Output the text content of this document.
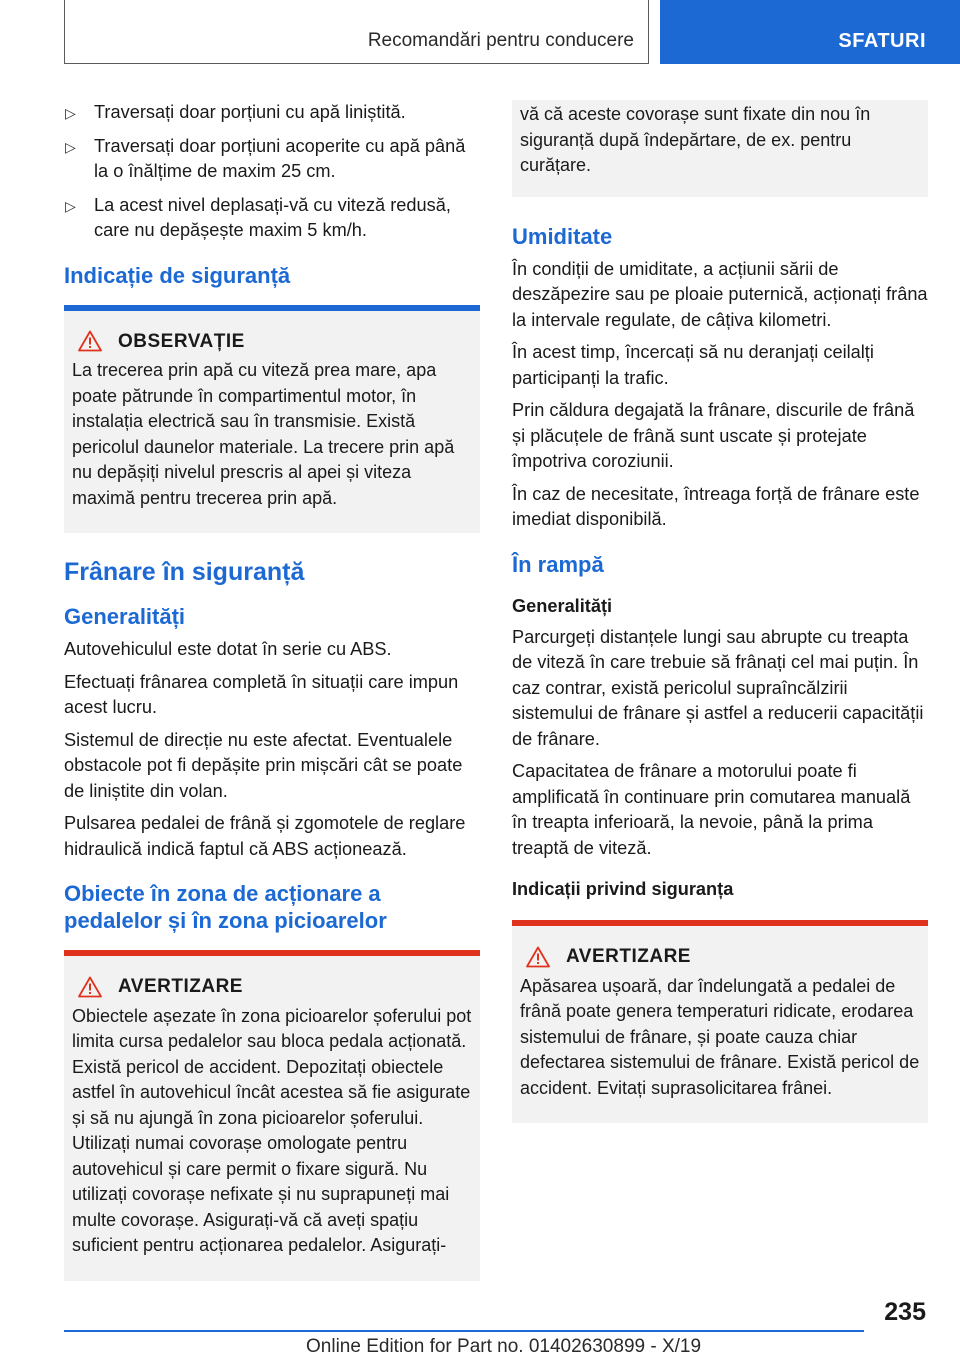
Recomandări pentru conducere	SFATURI
▷ Traversați doar porțiuni cu apă liniștită.
▷ Traversați doar porțiuni acoperite cu apă până la o înălțime de maxim 25 cm.
▷ La acest nivel deplasați-vă cu viteză redusă, care nu depășește maxim 5 km/h.
Indicație de siguranță
OBSERVAȚIE
La trecerea prin apă cu viteză prea mare, apa poate pătrunde în compartimentul motor, în instalația electrică sau în transmisie. Există pericolul daunelor materiale. La trecere prin apă nu depășiți nivelul prescris al apei și viteza maximă pentru trecerea prin apă.
Frânare în siguranță
Generalități

Autovehiculul este dotat în serie cu ABS.

Efectuați frânarea completă în situații care impun acest lucru.

Sistemul de direcție nu este afectat. Eventualele obstacole pot fi depășite prin mișcări cât se poate de liniștite din volan.

Pulsarea pedalei de frână și zgomotele de reglare hidraulică indică faptul că ABS acționează.

Obiecte în zona de acționare a pedalelor și în zona picioarelor
AVERTIZARE
Obiectele așezate în zona picioarelor șoferului pot limita cursa pedalelor sau bloca pedala acționată. Există pericol de accident. Depozitați obiectele astfel în autovehicul încât acestea să fie asigurate și să nu ajungă în zona picioarelor șoferului. Utilizați numai covorașe omologate pentru autovehicul și care permit o fixare sigură. Nu utilizați covorașe nefixate și nu suprapuneți mai multe covorașe. Asigurați-vă că aveți spațiu suficient pentru acționarea pedalelor. Asigurați-
vă că aceste covorașe sunt fixate din nou în siguranță după îndepărtare, de ex. pentru curățare.
Umiditate

În condiții de umiditate, a acțiunii sării de deszăpezire sau pe ploaie puternică, acționați frâna la intervale regulate, de câțiva kilometri.

În acest timp, încercați să nu deranjați ceilalți participanți la trafic.

Prin căldura degajată la frânare, discurile de frână și plăcuțele de frână sunt uscate și protejate împotriva coroziunii.

În caz de necesitate, întreaga forță de frânare este imediat disponibilă.

În rampă
Generalități

Parcurgeți distanțele lungi sau abrupte cu treapta de viteză în care trebuie să frânați cel mai puțin. În caz contrar, există pericolul supraîncălzirii sistemului de frânare și astfel a reducerii capacității de frânare.

Capacitatea de frânare a motorului poate fi amplificată în continuare prin comutarea manuală în treapta inferioară, la nevoie, până la prima treaptă de viteză.

Indicații privind siguranța
AVERTIZARE
Apăsarea ușoară, dar îndelungată a pedalei de frână poate genera temperaturi ridicate, erodarea sistemului de frânare, și poate cauza chiar defectarea sistemului de frânare. Există pericol de accident. Evitați suprasolicitarea frânei.
235
Online Edition for Part no. 01402630899 - X/19
